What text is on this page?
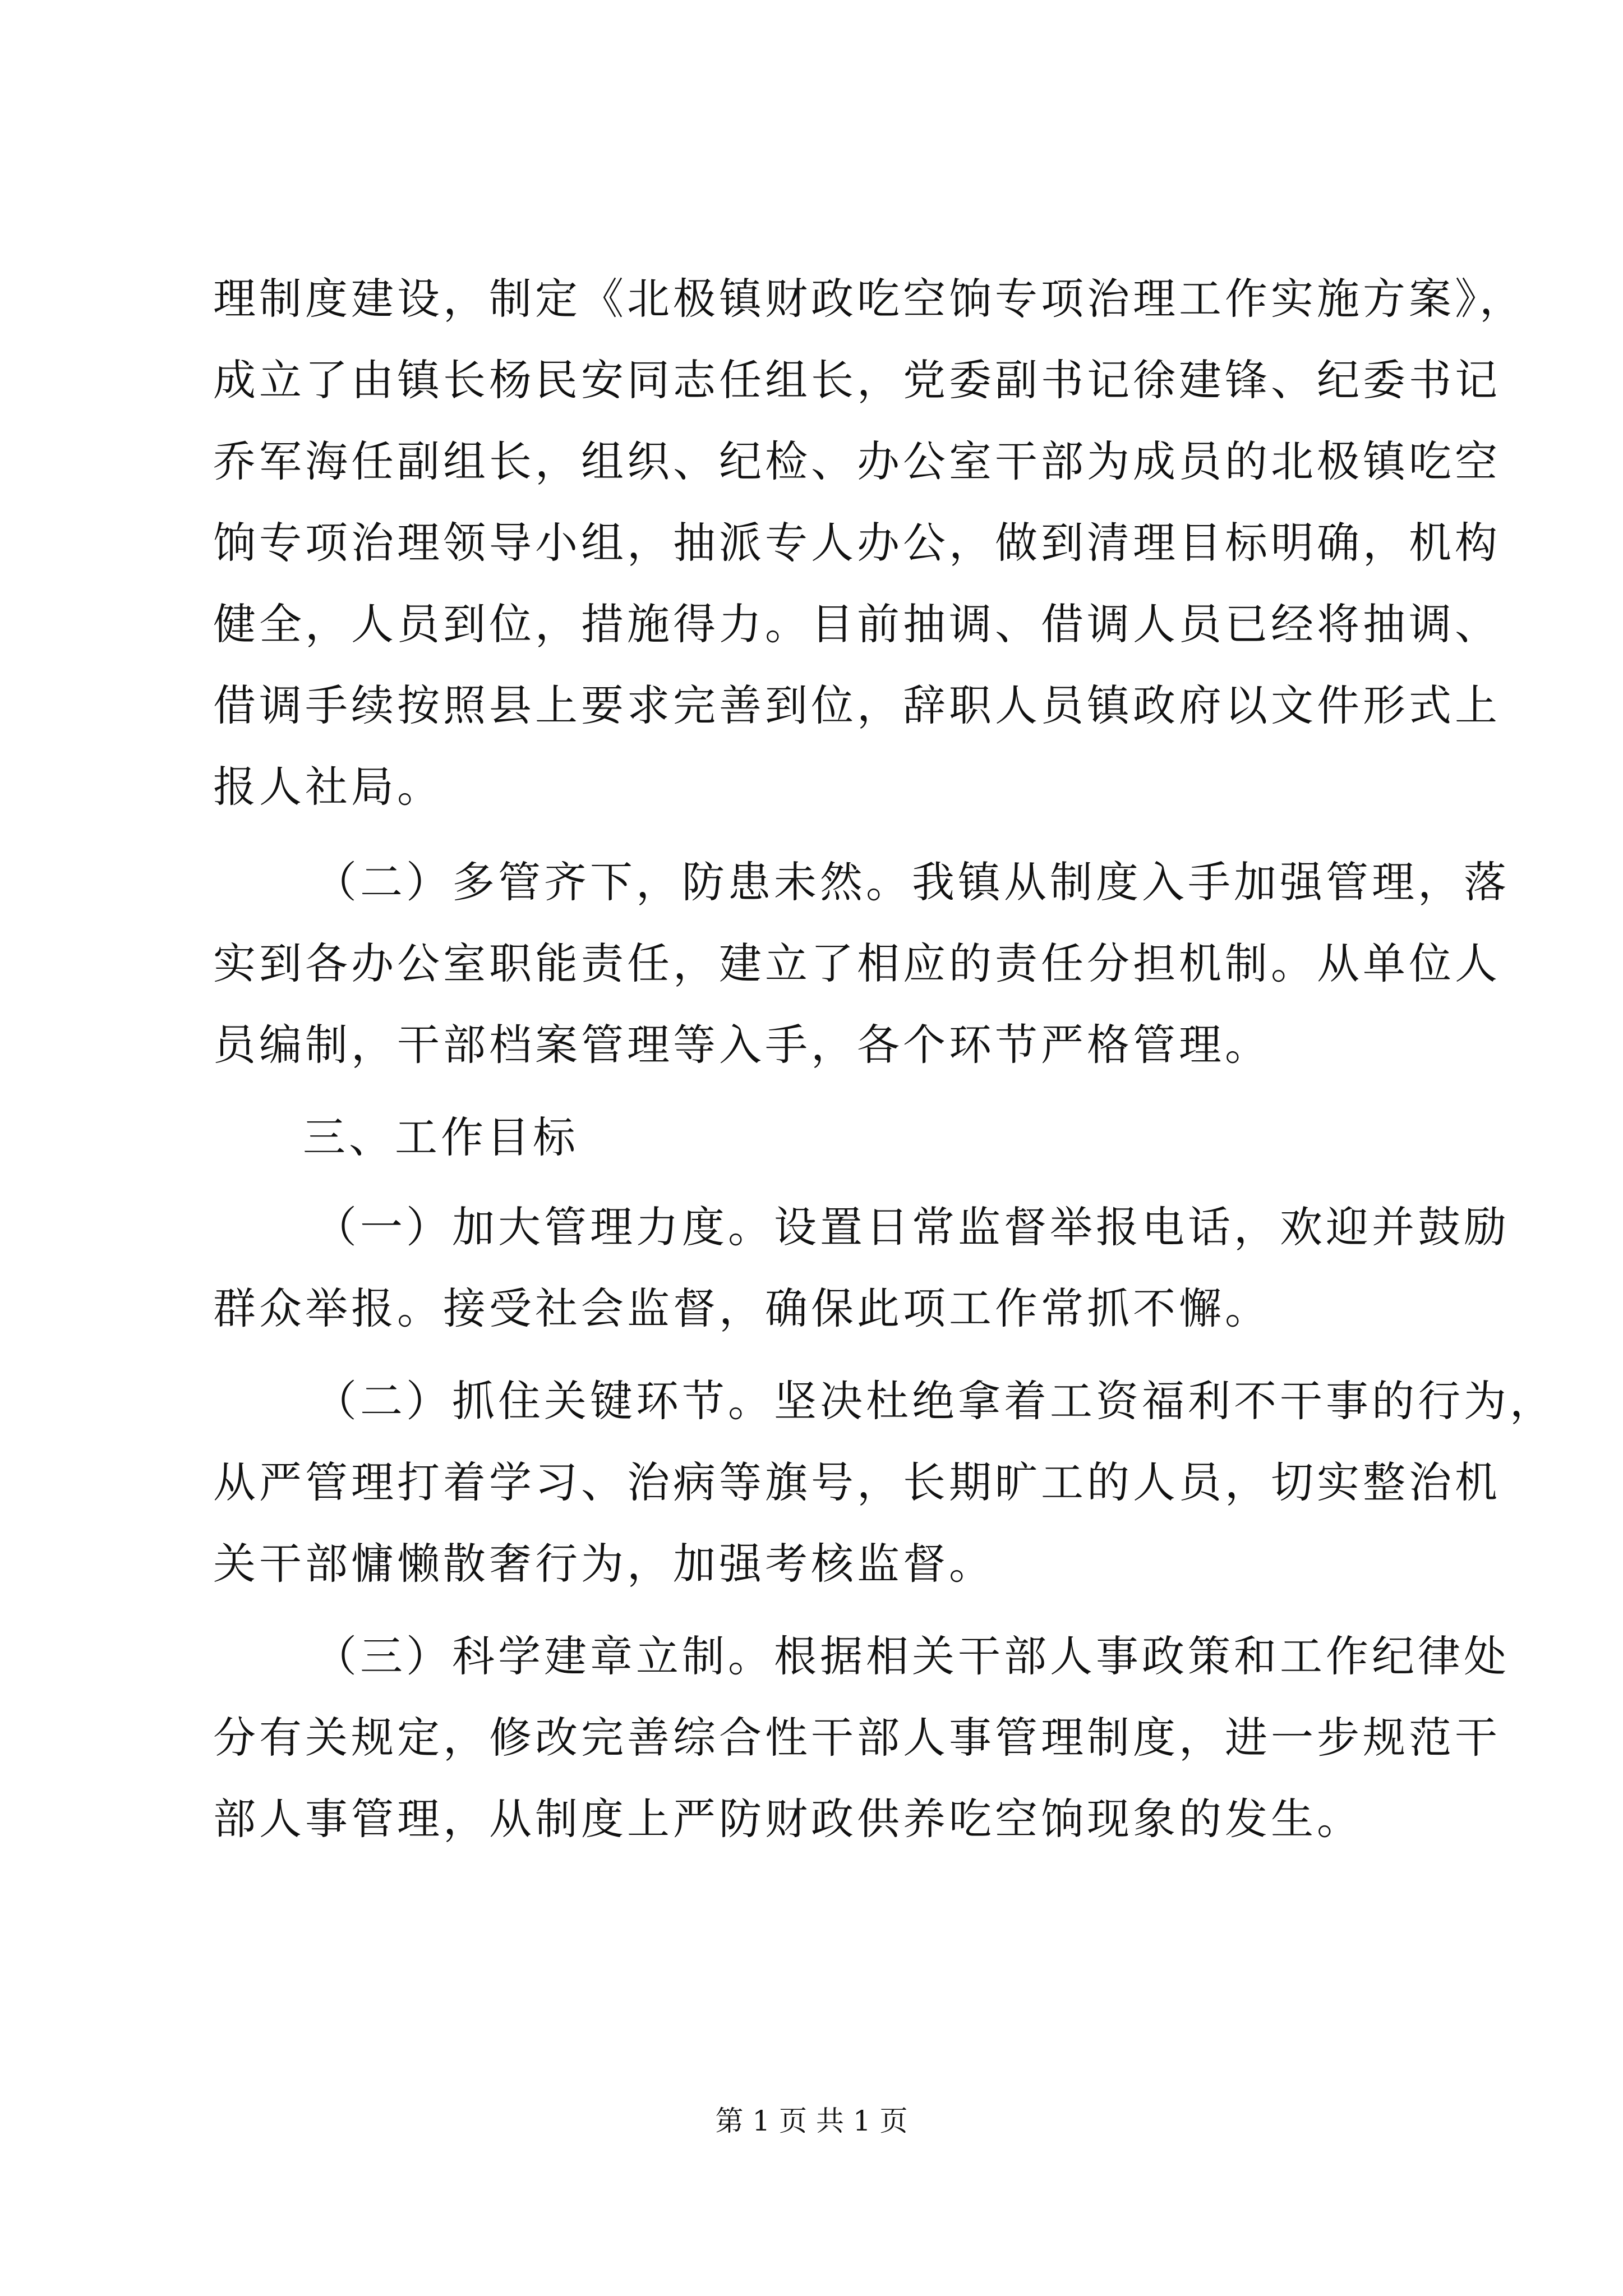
理制度建设，制定《北极镇财政吃空饷专项治理工作实施方案》，
成立了由镇长杨民安同志任组长，党委副书记徐建锋、纪委书记
乔军海任副组长，组织、纪检、办公室干部为成员的北极镇吃空
饷专项治理领导小组，抽派专人办公，做到清理目标明确，机构
健全，人员到位，措施得力。目前抽调、借调人员已经将抽调、
借调手续按照县上要求完善到位，辞职人员镇政府以文件形式上
报人社局。
（二）多管齐下，防患未然。我镇从制度入手加强管理，落
实到各办公室职能责任，建立了相应的责任分担机制。从单位人
员编制，干部档案管理等入手，各个环节严格管理。
三、工作目标
（一）加大管理力度。设置日常监督举报电话，欢迎并鼓励
群众举报。接受社会监督，确保此项工作常抓不懈。
（二）抓住关键环节。坚决杜绝拿着工资福利不干事的行为，
从严管理打着学习、治病等旗号，长期旷工的人员，切实整治机
关干部慵懒散奢行为，加强考核监督。
（三）科学建章立制。根据相关干部人事政策和工作纪律处
分有关规定，修改完善综合性干部人事管理制度，进一步规范干
部人事管理，从制度上严防财政供养吃空饷现象的发生。
第 1 页 共 1 页
